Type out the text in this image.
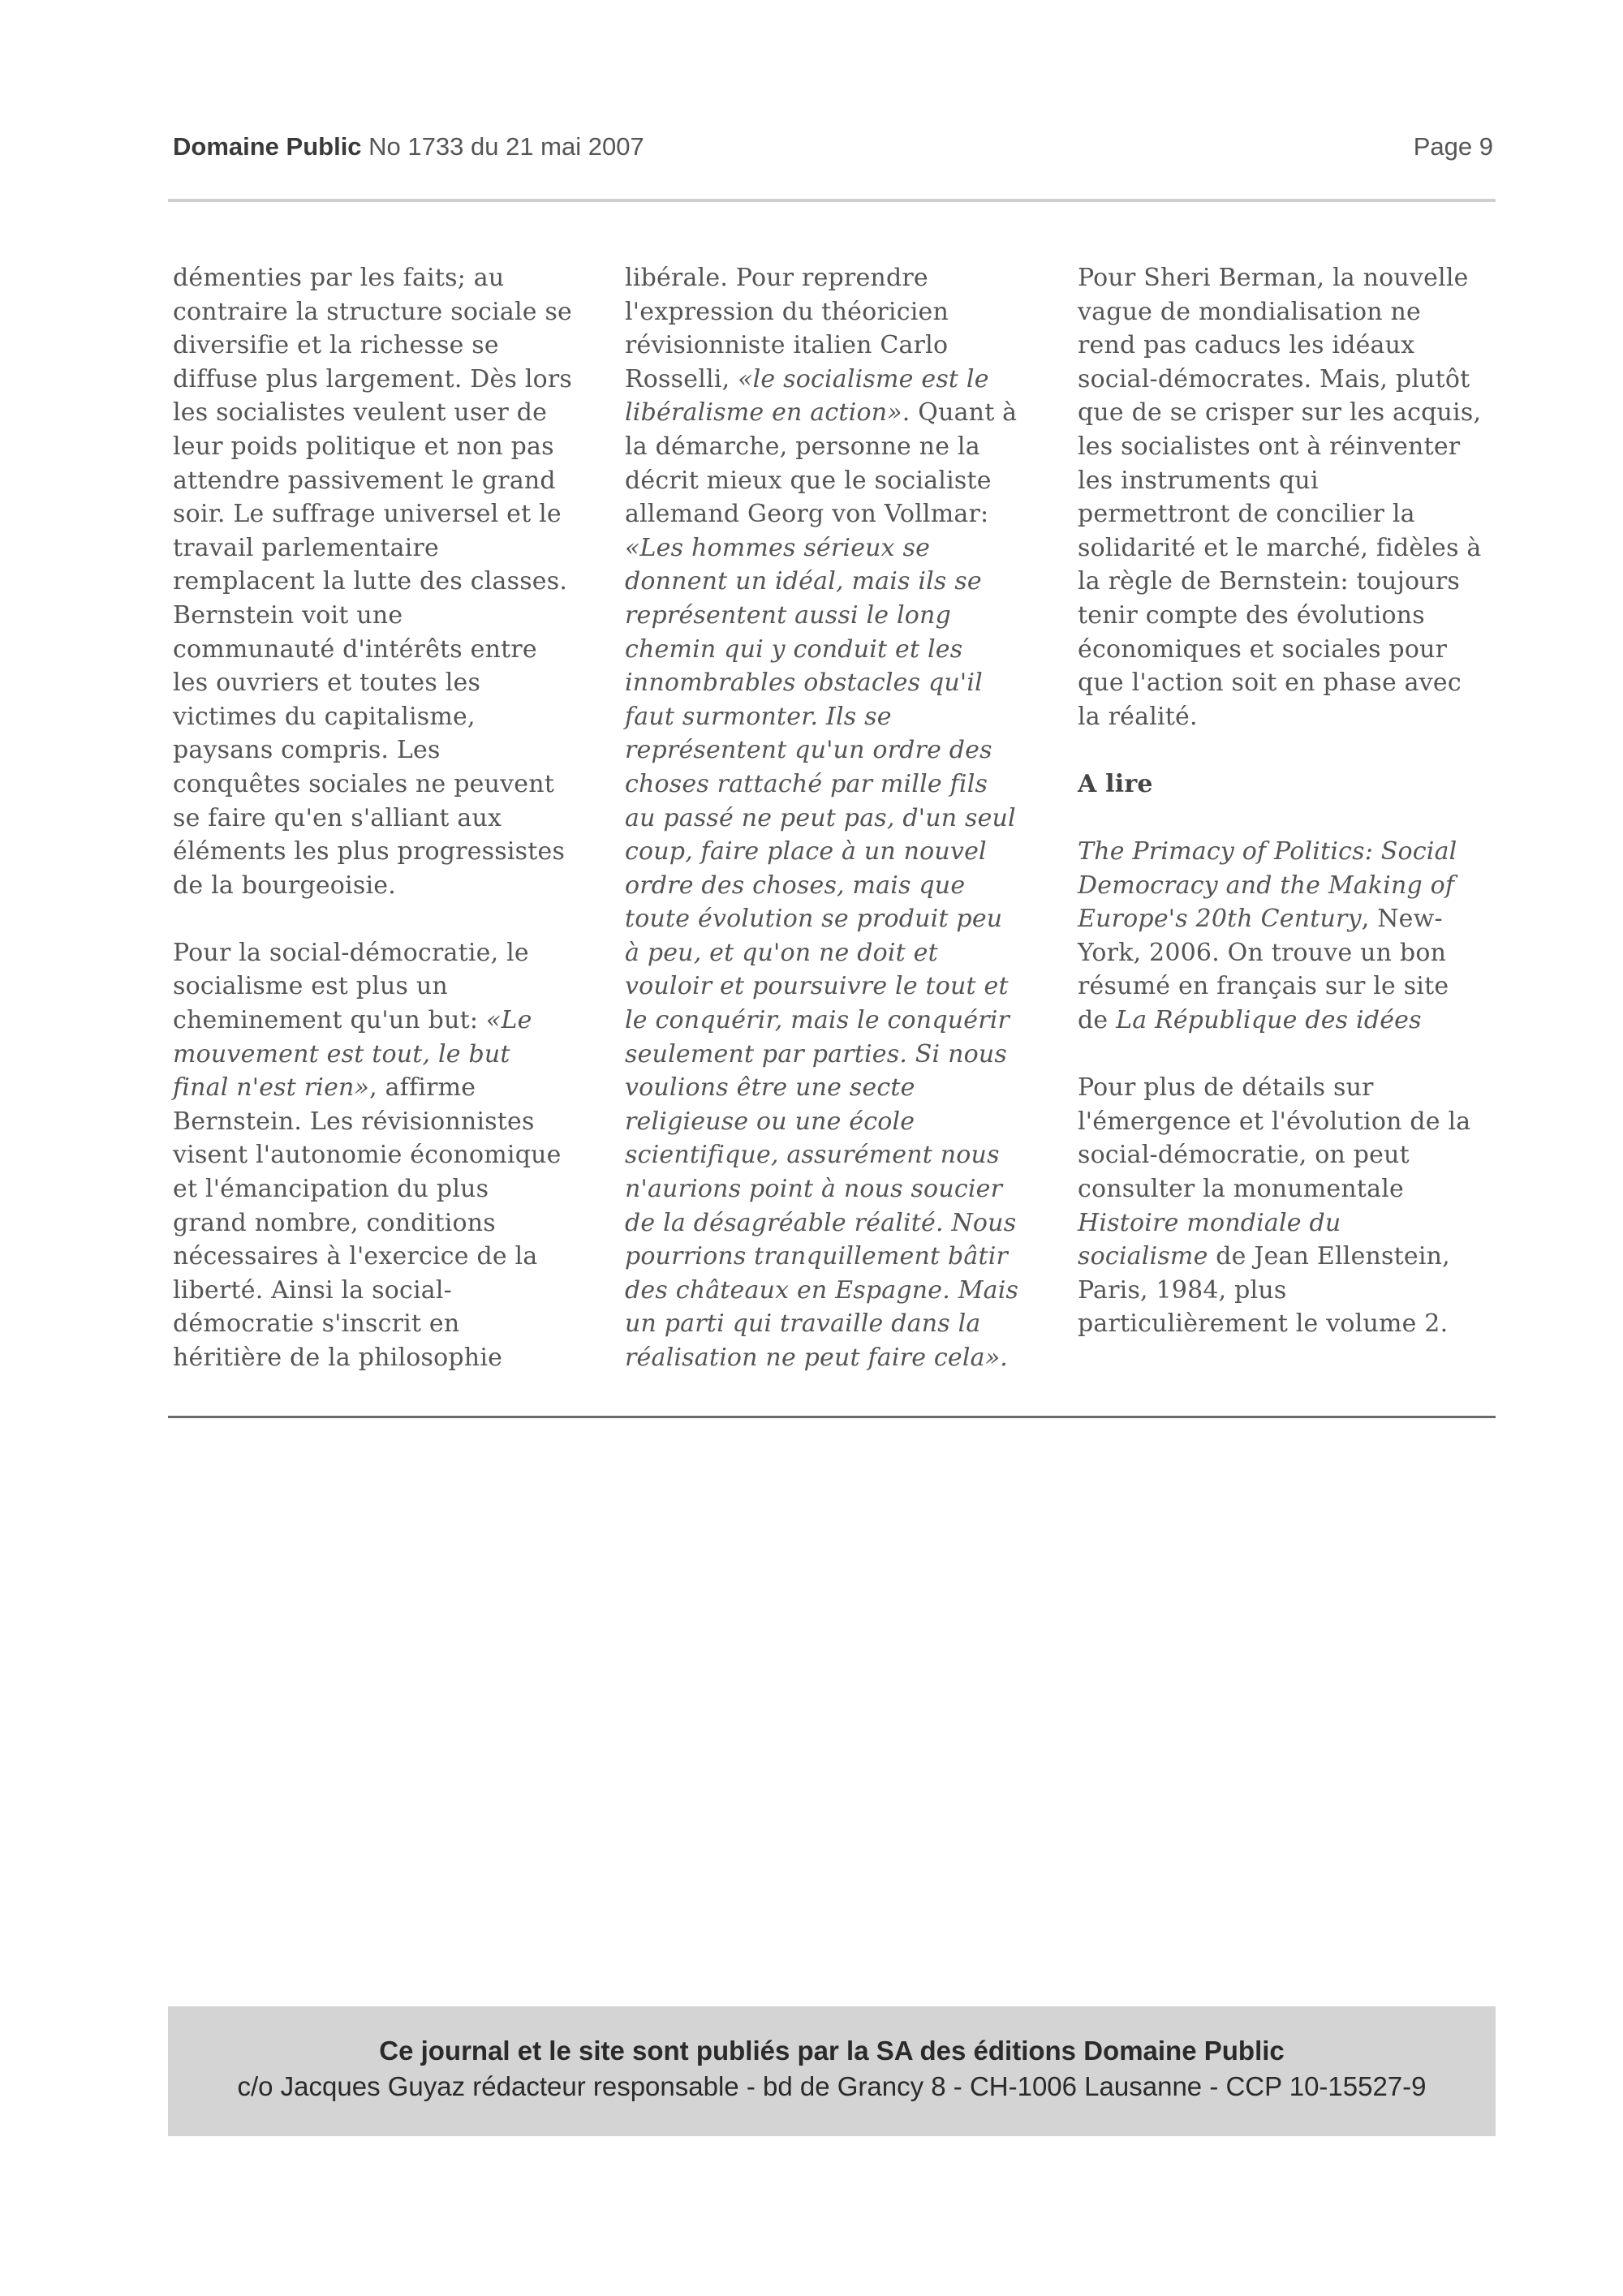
Domaine Public No 1733 du 21 mai 2007	Page 9

démenties par les faits; au
contraire la structure sociale se
diversifie et la richesse se
diffuse plus largement. Dès lors
les socialistes veulent user de
leur poids politique et non pas
attendre passivement le grand
soir. Le suffrage universel et le
travail parlementaire
remplacent la lutte des classes.
Bernstein voit une
communauté d'intérêts entre
les ouvriers et toutes les
victimes du capitalisme,
paysans compris. Les
conquêtes sociales ne peuvent
se faire qu'en s'alliant aux
éléments les plus progressistes
de la bourgeoisie.

Pour la social-démocratie, le
socialisme est plus un
cheminement qu'un but: «Le
mouvement est tout, le but
final n'est rien», affirme
Bernstein. Les révisionnistes
visent l'autonomie économique
et l'émancipation du plus
grand nombre, conditions
nécessaires à l'exercice de la
liberté. Ainsi la social-
démocratie s'inscrit en
héritière de la philosophie

libérale. Pour reprendre
l'expression du théoricien
révisionniste italien Carlo
Rosselli, «le socialisme est le
libéralisme en action». Quant à
la démarche, personne ne la
décrit mieux que le socialiste
allemand Georg von Vollmar:
«Les hommes sérieux se
donnent un idéal, mais ils se
représentent aussi le long
chemin qui y conduit et les
innombrables obstacles qu'il
faut surmonter. Ils se
représentent qu'un ordre des
choses rattaché par mille fils
au passé ne peut pas, d'un seul
coup, faire place à un nouvel
ordre des choses, mais que
toute évolution se produit peu
à peu, et qu'on ne doit et
vouloir et poursuivre le tout et
le conquérir, mais le conquérir
seulement par parties. Si nous
voulions être une secte
religieuse ou une école
scientifique, assurément nous
n'aurions point à nous soucier
de la désagréable réalité. Nous
pourrions tranquillement bâtir
des châteaux en Espagne. Mais
un parti qui travaille dans la
réalisation ne peut faire cela».

Pour Sheri Berman, la nouvelle
vague de mondialisation ne
rend pas caducs les idéaux
social-démocrates. Mais, plutôt
que de se crisper sur les acquis,
les socialistes ont à réinventer
les instruments qui
permettront de concilier la
solidarité et le marché, fidèles à
la règle de Bernstein: toujours
tenir compte des évolutions
économiques et sociales pour
que l'action soit en phase avec
la réalité.

A lire

The Primacy of Politics: Social
Democracy and the Making of
Europe's 20th Century, New-
York, 2006. On trouve un bon
résumé en français sur le site
de La République des idées

Pour plus de détails sur
l'émergence et l'évolution de la
social-démocratie, on peut
consulter la monumentale
Histoire mondiale du
socialisme de Jean Ellenstein,
Paris, 1984, plus
particulièrement le volume 2.

Ce journal et le site sont publiés par la SA des éditions Domaine Public
c/o Jacques Guyaz rédacteur responsable - bd de Grancy 8 - CH-1006 Lausanne - CCP 10-15527-9
